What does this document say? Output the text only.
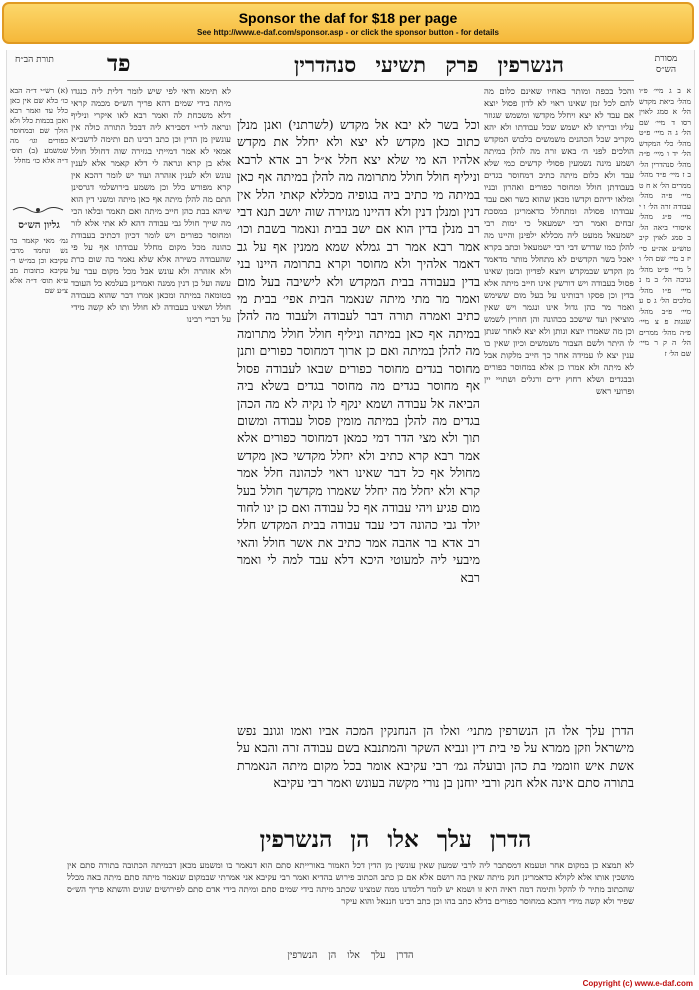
Sponsor the daf for $18 per page
See http://www.e-daf.com/sponsor.asp - or click the sponsor button - for details
מסורת הש״ס
תורת הב״ח	הנשרפין פרק תשיעי סנהדרין
פד
א ב ג מיי׳ פ״ו מהל׳ ביאת מקדש הל׳ א סמג לאוין רסו ד מיי׳ שם הל׳ ג ה מיי׳ פ״ט מהל׳ כלי המקדש הל׳ יד ו מיי׳ פ״ה מהל׳ סנהדרין הל׳ ב ז מיי׳ פ״ד מהל׳ ממרים הל׳ א ח ט מיי׳ פ״ה מהל׳ עבודה זרה הל׳ ו י מיי׳ פ״ג מהל׳ איסורי ביאה הל׳ ב סמג לאוין קיב טוש״ע אה״ע סי׳ יז כ מיי׳ שם הל׳ ו ל מיי׳ פ״ט מהל׳ גניבה הל׳ ב מ נ מיי׳ פ״ו מהל׳ מלכים הל׳ ג ס ע מיי׳ פ״ב מהל׳ שגגות פ צ מיי׳ פ״ה מהל׳ ממרים הל׳ ה ק ר מיי׳ שם הל׳ ז
(א) רש״י ד״ה הבא כו׳ בלא שם אין כאן כלל עד ואמר רבא ואכן בכמות כלל ולא הולך שם ובמחוסר כפורים וגו׳ מה שמשמע (ב) תוס׳ ד״ה אלא כו׳ מחלל
גליון הש״ס
גמ׳ מאי קאמר בר נש ונחמד מרבי עקיבא וכן במ״ש ר׳ עקיבא כתובות מב ע״א תוס׳ ד״ה אלא צ״ע שם
והכל בכפה ומותר באחיו שאינם כלום מה להם לכל זמן שאינו ראוי לא לדון פסול יוצא אם עבד לא יצא ויחלל מקדשו ומשמש שגוזר עליו ובריתו לא ישמש שכל עבודתו ולא יהא מקריב שכל הכהנים משמשים בלבוש המקדש הולכים לפני ה׳ באש זרה מה להלן במיתה ושמע מינה נשמעין פסולי קדשים כמי שלא עבד ולא כלום מיתה כתיב דמחוסר בגדים בעבודתן חולל ומחוסר כפורים ואהרון ובניו ומלאו ידיהם וקדשו מכאן שהוא כשר ואם עבד עבודתו פסולה ומתחלל כדאמרינן במסכת זבחים ואמר רבי ישמעאל כי ימות רבי ישמעאל ממעט ליה מכללא ילפינן והיינו מה להלן כמו שדרש דבי רבי ישמעאל וכתב בקרא יאכל בשר הקדשים לא מתחלל מותר מדאמר מן הקדש שבמקדש ויוצא לפדיון ובזמן שאינו פסול בעבודה ויש דורשין אינו חייב מיתה אלא בדין וכן פסקו רבותינו על בעל מום ששימש ואמר מר כהן גדול אינו ונגמר ויש שאין מוציאין ועד שישכב בכהונה והן חוזרין לשמש וכן מה שאמרו יוצא ונותן ולא יצא לאחר שנתן לו היתר ולשם הצבור משמשים וכיון שאין בו ענין יצא לו עמידה אחר כך חייב מלקות אבל לא מיתה ולא אמרו כן אלא במחוסר כפורים ובבגדים ושלא רחוץ ידים ורגלים ושתויי יין ופרועי ראש
לא תימא ודאי לפי שיש לומר דלית ליה כנגדו מיתה בידי שמים דהא פריך הש״ס מכמה קראי דלא משכחת לה ואמר רבא לאו איקרי וניליף ונראה לר״י דסבירא ליה דבכל התורה כולה אין עונשין מן הדין וכן כתב רבינו תם ותימה לרשב״א אמאי לא אמר דמייתי בגזירה שוה דחולל חולל אלא בן קרא ונראה לי דלא קאמר אלא לענין עונש ולא לענין אזהרה ועוד יש לומר דהכא אין קרא מפורש כלל וכן משמע בירושלמי דגרסינן התם מה להלן מיתה אף כאן מיתה ומשני דין הוא שיהא בבת כהן חייב מיתה ואם תאמר ובלאו הכי מה שייך חולל גבי עבודה דהא לא אתי אלא לזר ומחוסר כפורים ויש לומר דכיון דכתיב בעבודת כהונה מכל מקום מחלל עבודתו אף על פי שהעבודה כשירה אלא שלא נאמר בה שום כרת ולא אזהרה ולא עונש אבל מכל מקום עבר על עשה ועל כן דנין ממנה ואמרינן בעלמא כל העובד בטומאה במיתה ומכאן אמרו דבר שהוא בעבודה חולל ושאינו בעבודה לא חולל ותו לא קשה מידי על דברי רבינו
וכל בשר לא יבא אל מקדש (לשרתני) ואנן מנלן כתוב כאן מקדש לא יצא ולא יחלל את מקדש אלהיו הא מי שלא יצא חלל א״ל רב אדא לרבא וניליף חולל חולל מתרומה מה להלן במיתה אף כאן במיתה מי כתיב ביה בגופיה מכללא קאתי הלל אין דנין ומנלן דנין ולא דהיינו מגזירה שוה יושב תנא דבי רב מנלן בדין הוא אם ישב בבית ונאמר בשבת וכו׳ אמר רבא אמר רב גמלא שמא ממנין אף על גב דאמר אלהיך ולא מחוסר וקרא בתרומה היינו בני בדין בעבודה בבית המקדש ולא לישיבה בעל מום ואמר מר מתי מיתה שנאמר הבית אפי׳ בבית מי כתיב ואמרה תורה דבר לעבודה ולעבוד מה להלן במיתה אף כאן במיתה וניליף חולל חולל מתרומה מה להלן במיתה ואם כן ארוך דמחוסר כפורים ותנן מחוסר בגדים מחוסר כפורים שבאו לעבודה פסול אף מחוסר בגדים מה מחוסר בגדים בשלא ביה הביאה אל עבודה ושמא ינקף לו נקיה לא מה הכהן בגדים מה להלן במיתה מומין פסול עבודה ומשום תוך ולא מצי הדר דמי כמאן דמחוסר כפורים אלא אמר רבא קרא כתיב ולא יחלל מקדשי כאן מקדש מחולל אף כל דבר שאינו ראוי לכהונה חלל אמר קרא ולא יחלל מה יחלל שאמרו מקדשך חולל בעל מום פגיע ויהי עבודה אף כל עבודה ואם כן ינו לחוד יולד גבי כהונה דכי עבד עבודה בבית המקדש חלל רב אדא בר אהבה אמר כתיב את אשר חולל והאי מיבעי ליה למעוטי היכא דלא עבד למה לי ואמר רבא
הדרן עלך אלו הן הנשרפין מתני׳ ואלו הן הנחנקין המכה אביו ואמו וגונב נפש מישראל וזקן ממרא על פי בית דין ונביא השקר והמתנבא בשם עבודה זרה והבא על אשת איש וזוממי בת כהן ובועלה גמ׳ רבי עקיבא אומר בכל מקום מיתה הנאמרת בתורה סתם אינה אלא חנק ורבי יוחנן בן נורי מקשה בעונש ואמר רבי עקיבא
הדרן עלך אלו הן הנשרפין
לא תמצא כן במקום אחר וטעמא דמסתבר ליה לרבי שמעון שאין עונשין מן הדין דכל האמור באורייתא סתם הוא דנאמר בו ומשמע מכאן דבמיתה הכתובה בתורה סתם אין מושכין אותו אלא לקולא כדאמרינן חנק מיתה שאין בה רושם אלא אם כן כתב הכתוב פירוש בהדיא ואמר רבי עקיבא אני אמרתי שבמקום שנאמר מיתה סתם מיתה באה מכלל שהכתוב מתיר לו להקל ותימה דמה ראיה היא זו ושמא יש לומר דלמדנו ממה שמצינו שכתב מיתה בידי שמים סתם ומיתה בידי אדם סתם לפירושים שונים והשתא פריך הש״ס שפיר ולא קשה מידי דהכא במחוסר כפורים בדלא כתב בהו וכן כתב רבינו חננאל והוא עיקר
הדרן עלך אלו הן הנשרפין
Copyright (c) www.e-daf.com
